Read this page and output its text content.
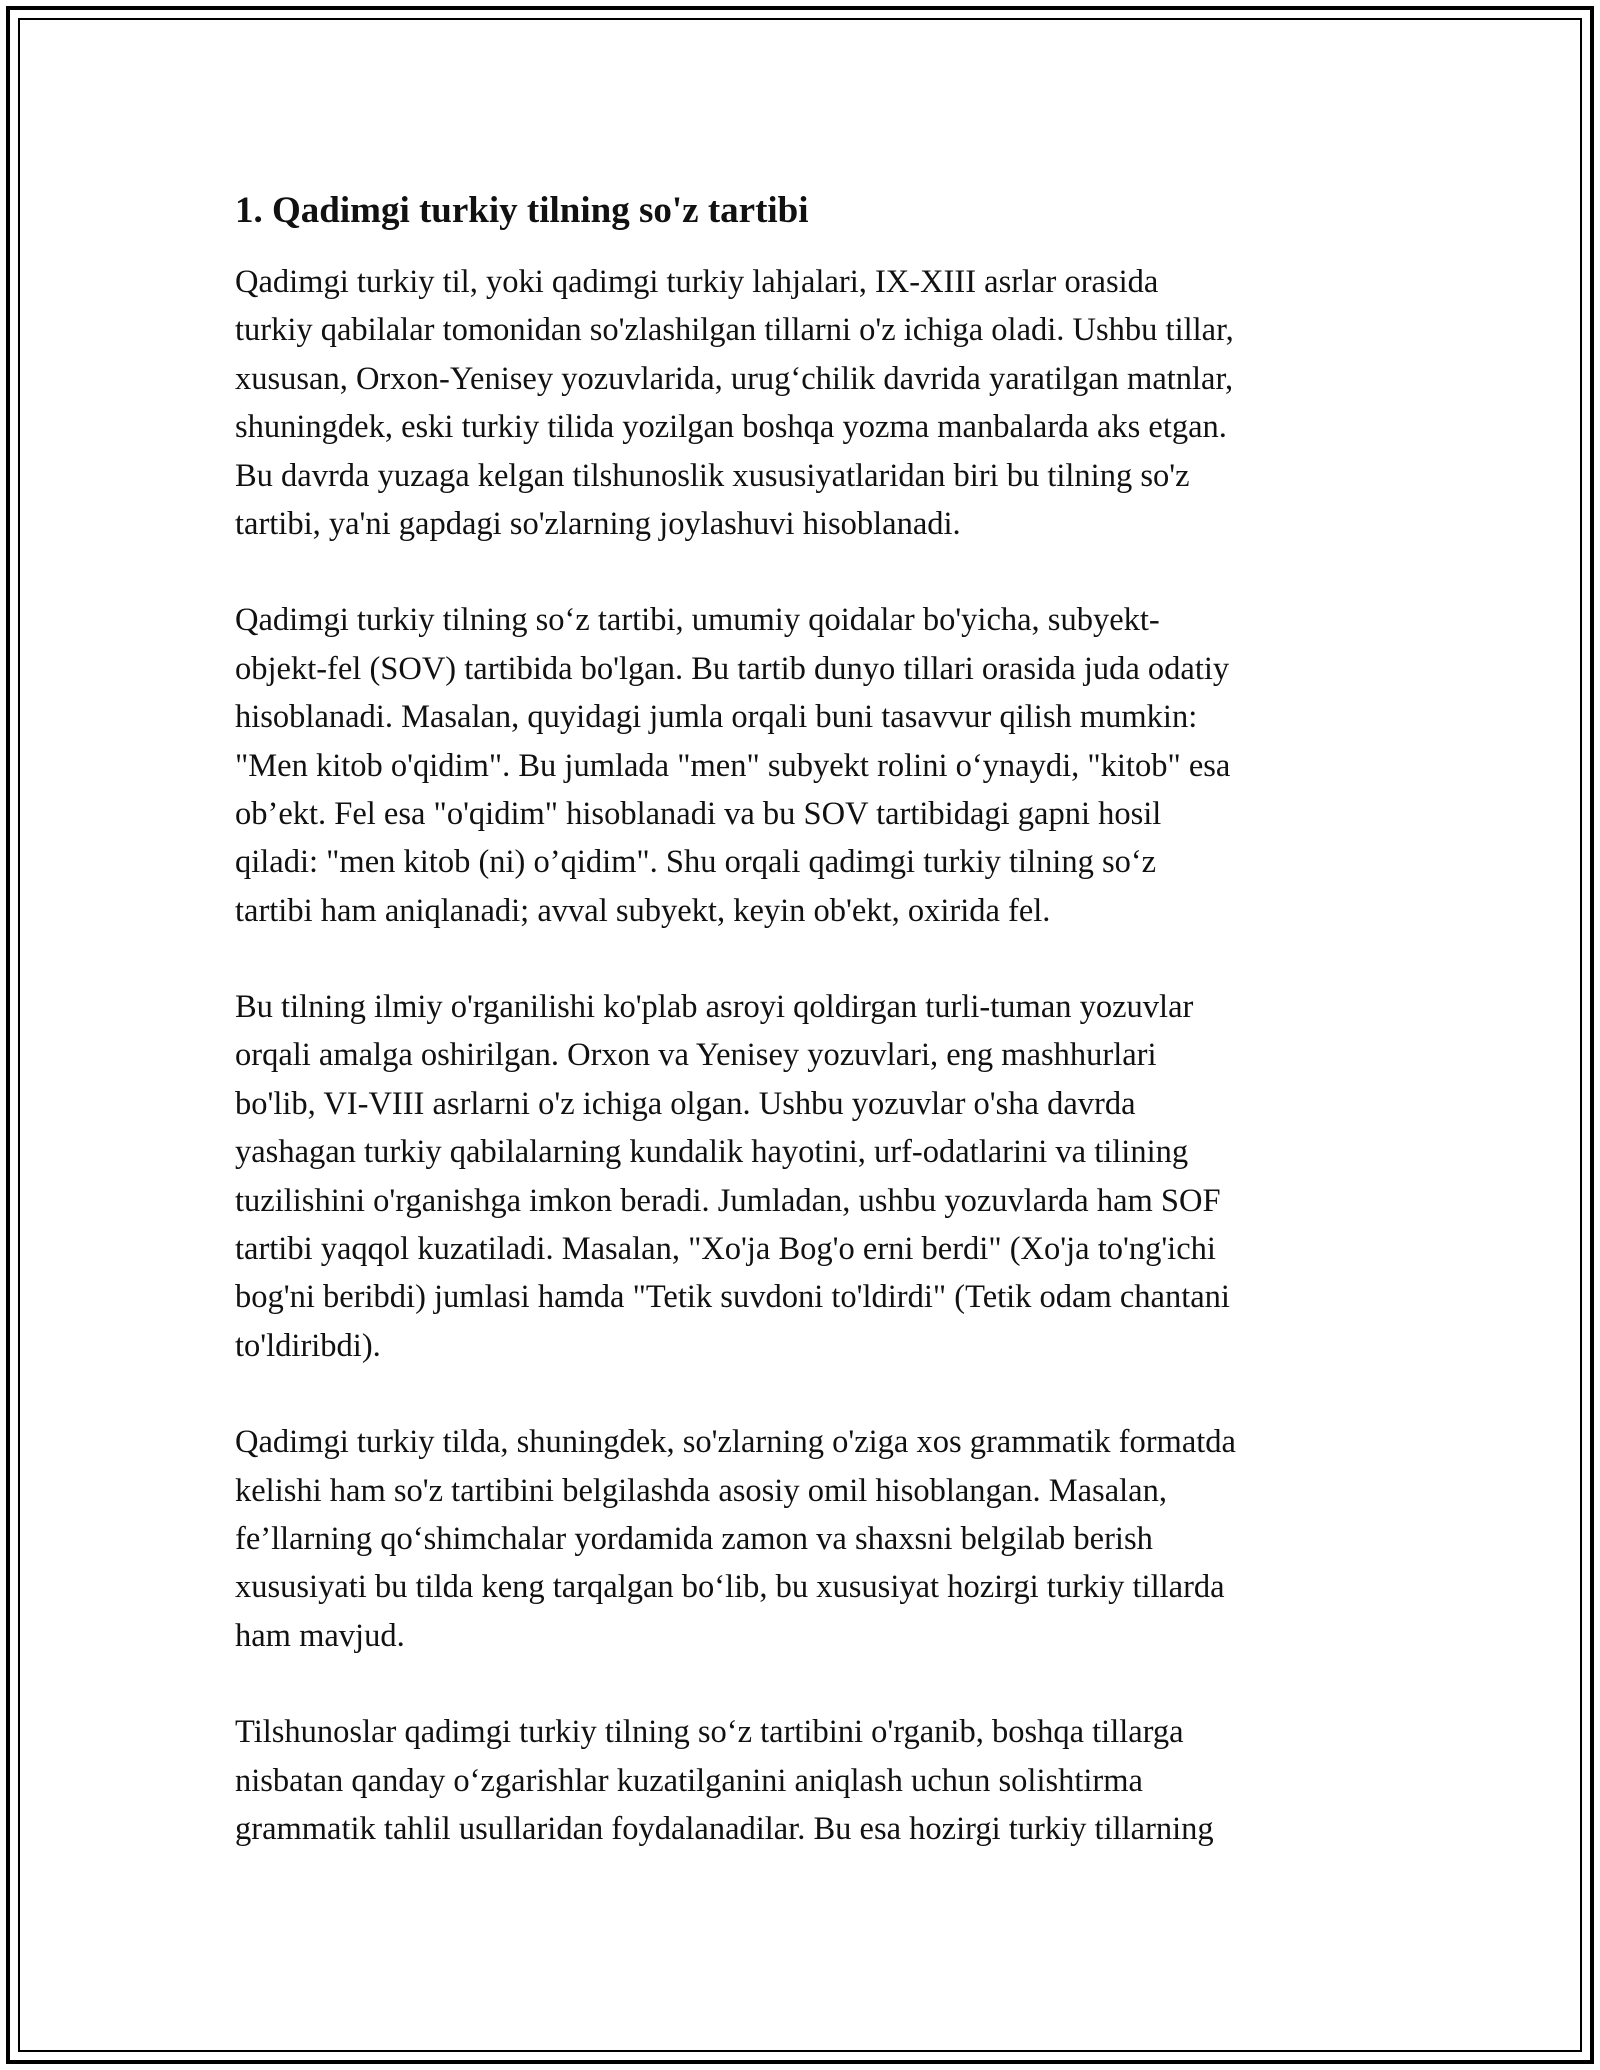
1. Qadimgi turkiy tilning so'z tartibi
Qadimgi turkiy til, yoki qadimgi turkiy lahjalari, IX-XIII asrlar orasida
turkiy qabilalar tomonidan so'zlashilgan tillarni o'z ichiga oladi. Ushbu tillar,
xususan, Orxon-Yenisey yozuvlarida, urug‘chilik davrida yaratilgan matnlar,
shuningdek, eski turkiy tilida yozilgan boshqa yozma manbalarda aks etgan.
Bu davrda yuzaga kelgan tilshunoslik xususiyatlaridan biri bu tilning so'z
tartibi, ya'ni gapdagi so'zlarning joylashuvi hisoblanadi.
Qadimgi turkiy tilning so‘z tartibi, umumiy qoidalar bo'yicha, subyekt-
objekt-fel (SOV) tartibida bo'lgan. Bu tartib dunyo tillari orasida juda odatiy
hisoblanadi. Masalan, quyidagi jumla orqali buni tasavvur qilish mumkin:
"Men kitob o'qidim". Bu jumlada "men" subyekt rolini o‘ynaydi, "kitob" esa
ob’ekt. Fel esa "o'qidim" hisoblanadi va bu SOV tartibidagi gapni hosil
qiladi: "men kitob (ni) o’qidim". Shu orqali qadimgi turkiy tilning so‘z
tartibi ham aniqlanadi; avval subyekt, keyin ob'ekt, oxirida fel.
Bu tilning ilmiy o'rganilishi ko'plab asroyi qoldirgan turli-tuman yozuvlar
orqali amalga oshirilgan. Orxon va Yenisey yozuvlari, eng mashhurlari
bo'lib, VI-VIII asrlarni o'z ichiga olgan. Ushbu yozuvlar o'sha davrda
yashagan turkiy qabilalarning kundalik hayotini, urf-odatlarini va tilining
tuzilishini o'rganishga imkon beradi. Jumladan, ushbu yozuvlarda ham SOF
tartibi yaqqol kuzatiladi. Masalan, "Xo'ja Bog'o erni berdi" (Xo'ja to'ng'ichi
bog'ni beribdi) jumlasi hamda "Tetik suvdoni to'ldirdi" (Tetik odam chantani
to'ldiribdi).
Qadimgi turkiy tilda, shuningdek, so'zlarning o'ziga xos grammatik formatda
kelishi ham so'z tartibini belgilashda asosiy omil hisoblangan. Masalan,
fe’llarning qo‘shimchalar yordamida zamon va shaxsni belgilab berish
xususiyati bu tilda keng tarqalgan bo‘lib, bu xususiyat hozirgi turkiy tillarda
ham mavjud.
Tilshunoslar qadimgi turkiy tilning so‘z tartibini o'rganib, boshqa tillarga
nisbatan qanday o‘zgarishlar kuzatilganini aniqlash uchun solishtirma
grammatik tahlil usullaridan foydalanadilar. Bu esa hozirgi turkiy tillarning
